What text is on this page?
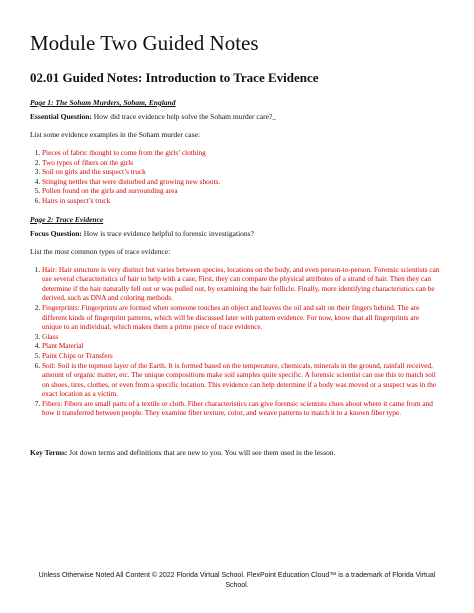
Module Two Guided Notes
02.01 Guided Notes: Introduction to Trace Evidence
Page 1: The Soham Murders, Soham, England

Essential Question: How did trace evidence help solve the Soham murder care?_

List some evidence examples in the Soham murder case:

1. Pieces of fabric thought to come from the girls’ clothing
2. Two types of fibers on the girls
3. Soil on girls and the suspect’s truck
4. Stinging nettles that were disturbed and growing new shoots.
5. Pollen found on the girls and surrounding area
6. Hairs in suspect’s truck
Page 2: Trace Evidence

Focus Question: How is trace evidence helpful to forensic investigations?

List the most common types of trace evidence:

1. Hair: Hair structure is very distinct but varies between species, locations on the body, and even person-to-person. Forensic scientists can use several characteristics of hair to help with a case, First, they can compare the physical attributes of a strand of hair. Then they can determine if the hair naturally fell out or was pulled out, by examining the hair follicle. Finally, more identifying characteristics can be derived, such as DNA and coloring methods.
2. Fingerprints: Fingerprints are formed when someone touches an object and leaves the oil and salt on their fingers behind. The are different kinds of fingerprint patterns, which will be discussed later with pattern evidence. For now, know that all fingerprints are unique to an individual, which makes them a prime piece of trace evidence.
3. Glass
4. Plant Material
5. Paint Chips or Transfers
6. Soil: Soil is the topmost layer of the Earth. It is formed based on the temperature, chemicals, minerals in the ground, rainfall received, amount of organic matter, etc. The unique compositions make soil samples quite specific. A forensic scientist can use this to match soil on shoes, tires, clothes, or even from a specific location. This evidence can help determine if a body was moved or a suspect was in the exact location as a victim.
7. Fibers: Fibers are small parts of a textile or cloth. Fiber characteristics can give forensic scientists clues about where it came from and how it transferred between people. They examine fiber texture, color, and weave patterns to match it to a known fiber type.

Key Terms: Jot down terms and definitions that are new to you. You will see them used in the lesson.

Unless Otherwise Noted All Content © 2022 Florida Virtual School. FlexPoint Education Cloud™ is a trademark of Florida Virtual School.
